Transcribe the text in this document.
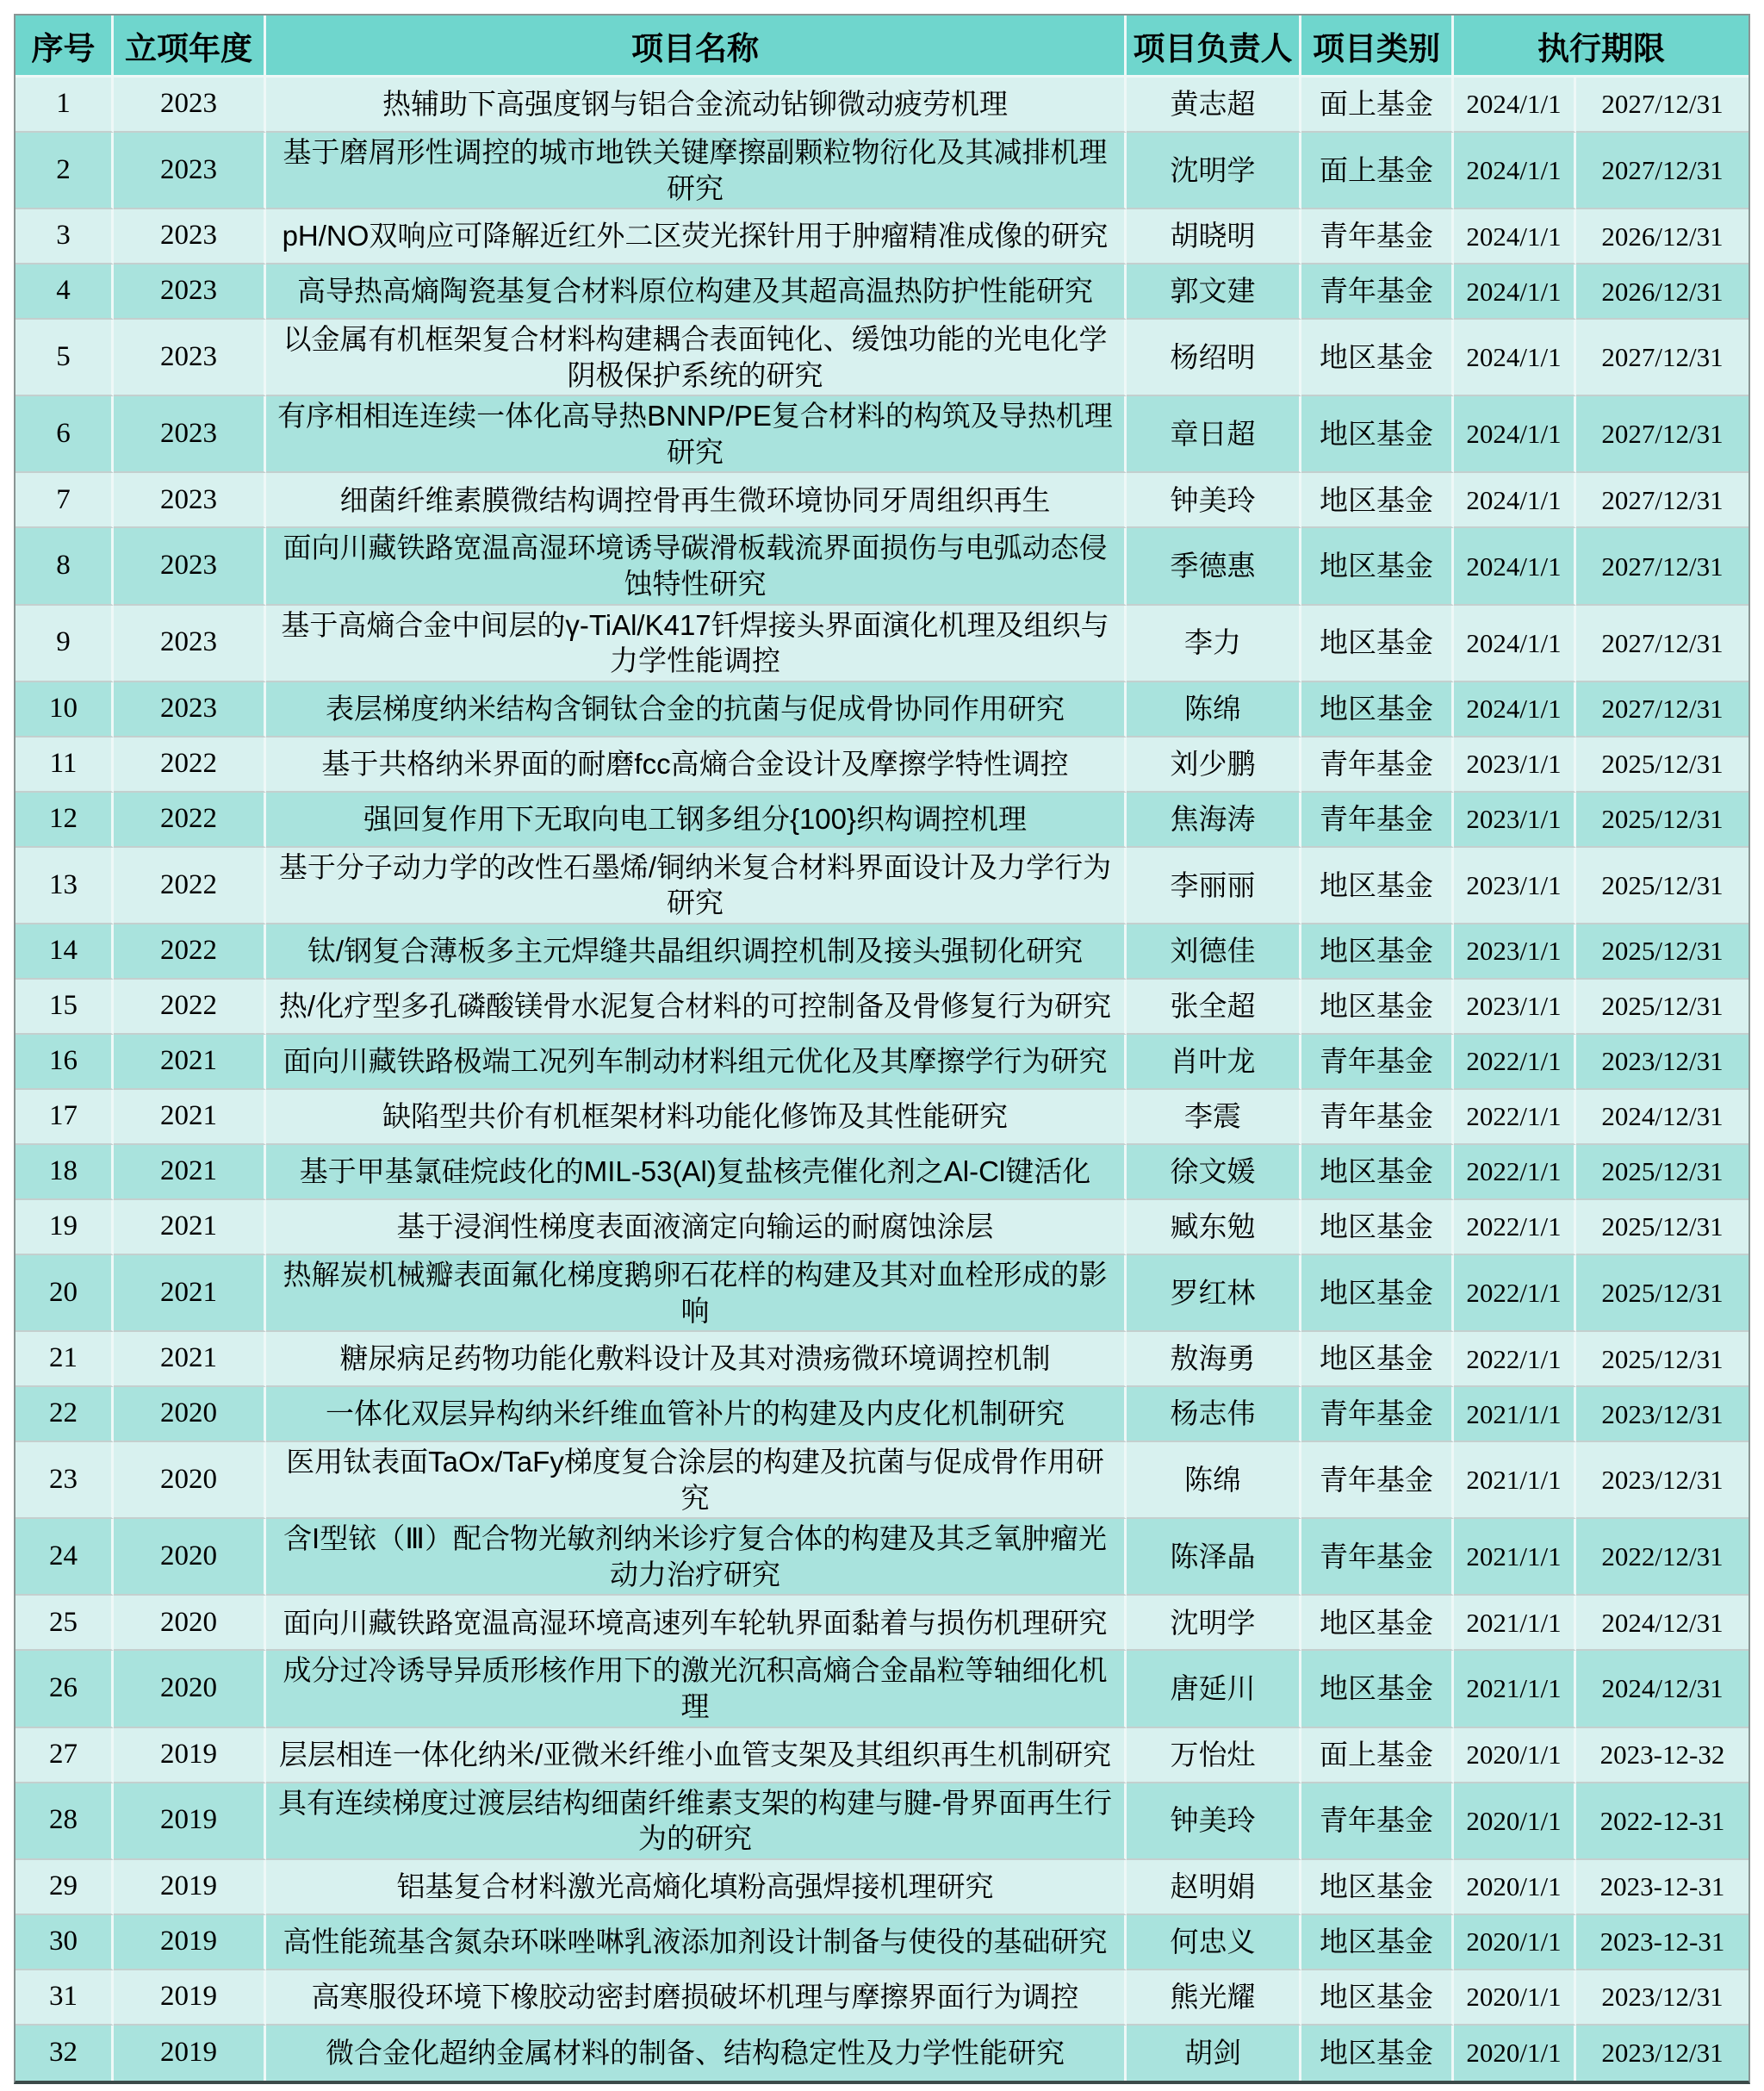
序号	立项年度	项目名称	项目负责人	项目类别	执行期限	
1	2023	热辅助下高强度钢与铝合金流动钻铆微动疲劳机理	黄志超	面上基金	2024/1/1	2027/12/31
2	2023	基于磨屑形性调控的城市地铁关键摩擦副颗粒物衍化及其减排机理研究	沈明学	面上基金	2024/1/1	2027/12/31
3	2023	pH/NO双响应可降解近红外二区荧光探针用于肿瘤精准成像的研究	胡晓明	青年基金	2024/1/1	2026/12/31
4	2023	高导热高熵陶瓷基复合材料原位构建及其超高温热防护性能研究	郭文建	青年基金	2024/1/1	2026/12/31
5	2023	以金属有机框架复合材料构建耦合表面钝化、缓蚀功能的光电化学阴极保护系统的研究	杨绍明	地区基金	2024/1/1	2027/12/31
6	2023	有序相相连连续一体化高导热BNNP/PE复合材料的构筑及导热机理研究	章日超	地区基金	2024/1/1	2027/12/31
7	2023	细菌纤维素膜微结构调控骨再生微环境协同牙周组织再生	钟美玲	地区基金	2024/1/1	2027/12/31
8	2023	面向川藏铁路宽温高湿环境诱导碳滑板载流界面损伤与电弧动态侵蚀特性研究	季德惠	地区基金	2024/1/1	2027/12/31
9	2023	基于高熵合金中间层的γ-TiAl/K417钎焊接头界面演化机理及组织与力学性能调控	李力	地区基金	2024/1/1	2027/12/31
10	2023	表层梯度纳米结构含铜钛合金的抗菌与促成骨协同作用研究	陈绵	地区基金	2024/1/1	2027/12/31
11	2022	基于共格纳米界面的耐磨fcc高熵合金设计及摩擦学特性调控	刘少鹏	青年基金	2023/1/1	2025/12/31
12	2022	强回复作用下无取向电工钢多组分{100}织构调控机理	焦海涛	青年基金	2023/1/1	2025/12/31
13	2022	基于分子动力学的改性石墨烯/铜纳米复合材料界面设计及力学行为研究	李丽丽	地区基金	2023/1/1	2025/12/31
14	2022	钛/钢复合薄板多主元焊缝共晶组织调控机制及接头强韧化研究	刘德佳	地区基金	2023/1/1	2025/12/31
15	2022	热/化疗型多孔磷酸镁骨水泥复合材料的可控制备及骨修复行为研究	张全超	地区基金	2023/1/1	2025/12/31
16	2021	面向川藏铁路极端工况列车制动材料组元优化及其摩擦学行为研究	肖叶龙	青年基金	2022/1/1	2023/12/31
17	2021	缺陷型共价有机框架材料功能化修饰及其性能研究	李震	青年基金	2022/1/1	2024/12/31
18	2021	基于甲基氯硅烷歧化的MIL-53(Al)复盐核壳催化剂之Al-Cl键活化	徐文媛	地区基金	2022/1/1	2025/12/31
19	2021	基于浸润性梯度表面液滴定向输运的耐腐蚀涂层	臧东勉	地区基金	2022/1/1	2025/12/31
20	2021	热解炭机械瓣表面氟化梯度鹅卵石花样的构建及其对血栓形成的影响	罗红林	地区基金	2022/1/1	2025/12/31
21	2021	糖尿病足药物功能化敷料设计及其对溃疡微环境调控机制	敖海勇	地区基金	2022/1/1	2025/12/31
22	2020	一体化双层异构纳米纤维血管补片的构建及内皮化机制研究	杨志伟	青年基金	2021/1/1	2023/12/31
23	2020	医用钛表面TaOx/TaFy梯度复合涂层的构建及抗菌与促成骨作用研究	陈绵	青年基金	2021/1/1	2023/12/31
24	2020	含I型铱（Ⅲ）配合物光敏剂纳米诊疗复合体的构建及其乏氧肿瘤光动力治疗研究	陈泽晶	青年基金	2021/1/1	2022/12/31
25	2020	面向川藏铁路宽温高湿环境高速列车轮轨界面黏着与损伤机理研究	沈明学	地区基金	2021/1/1	2024/12/31
26	2020	成分过冷诱导异质形核作用下的激光沉积高熵合金晶粒等轴细化机理	唐延川	地区基金	2021/1/1	2024/12/31
27	2019	层层相连一体化纳米/亚微米纤维小血管支架及其组织再生机制研究	万怡灶	面上基金	2020/1/1	2023-12-32
28	2019	具有连续梯度过渡层结构细菌纤维素支架的构建与腱-骨界面再生行为的研究	钟美玲	青年基金	2020/1/1	2022-12-31
29	2019	铝基复合材料激光高熵化填粉高强焊接机理研究	赵明娟	地区基金	2020/1/1	2023-12-31
30	2019	高性能巯基含氮杂环咪唑啉乳液添加剂设计制备与使役的基础研究	何忠义	地区基金	2020/1/1	2023-12-31
31	2019	高寒服役环境下橡胶动密封磨损破坏机理与摩擦界面行为调控	熊光耀	地区基金	2020/1/1	2023/12/31
32	2019	微合金化超纳金属材料的制备、结构稳定性及力学性能研究	胡剑	地区基金	2020/1/1	2023/12/31
